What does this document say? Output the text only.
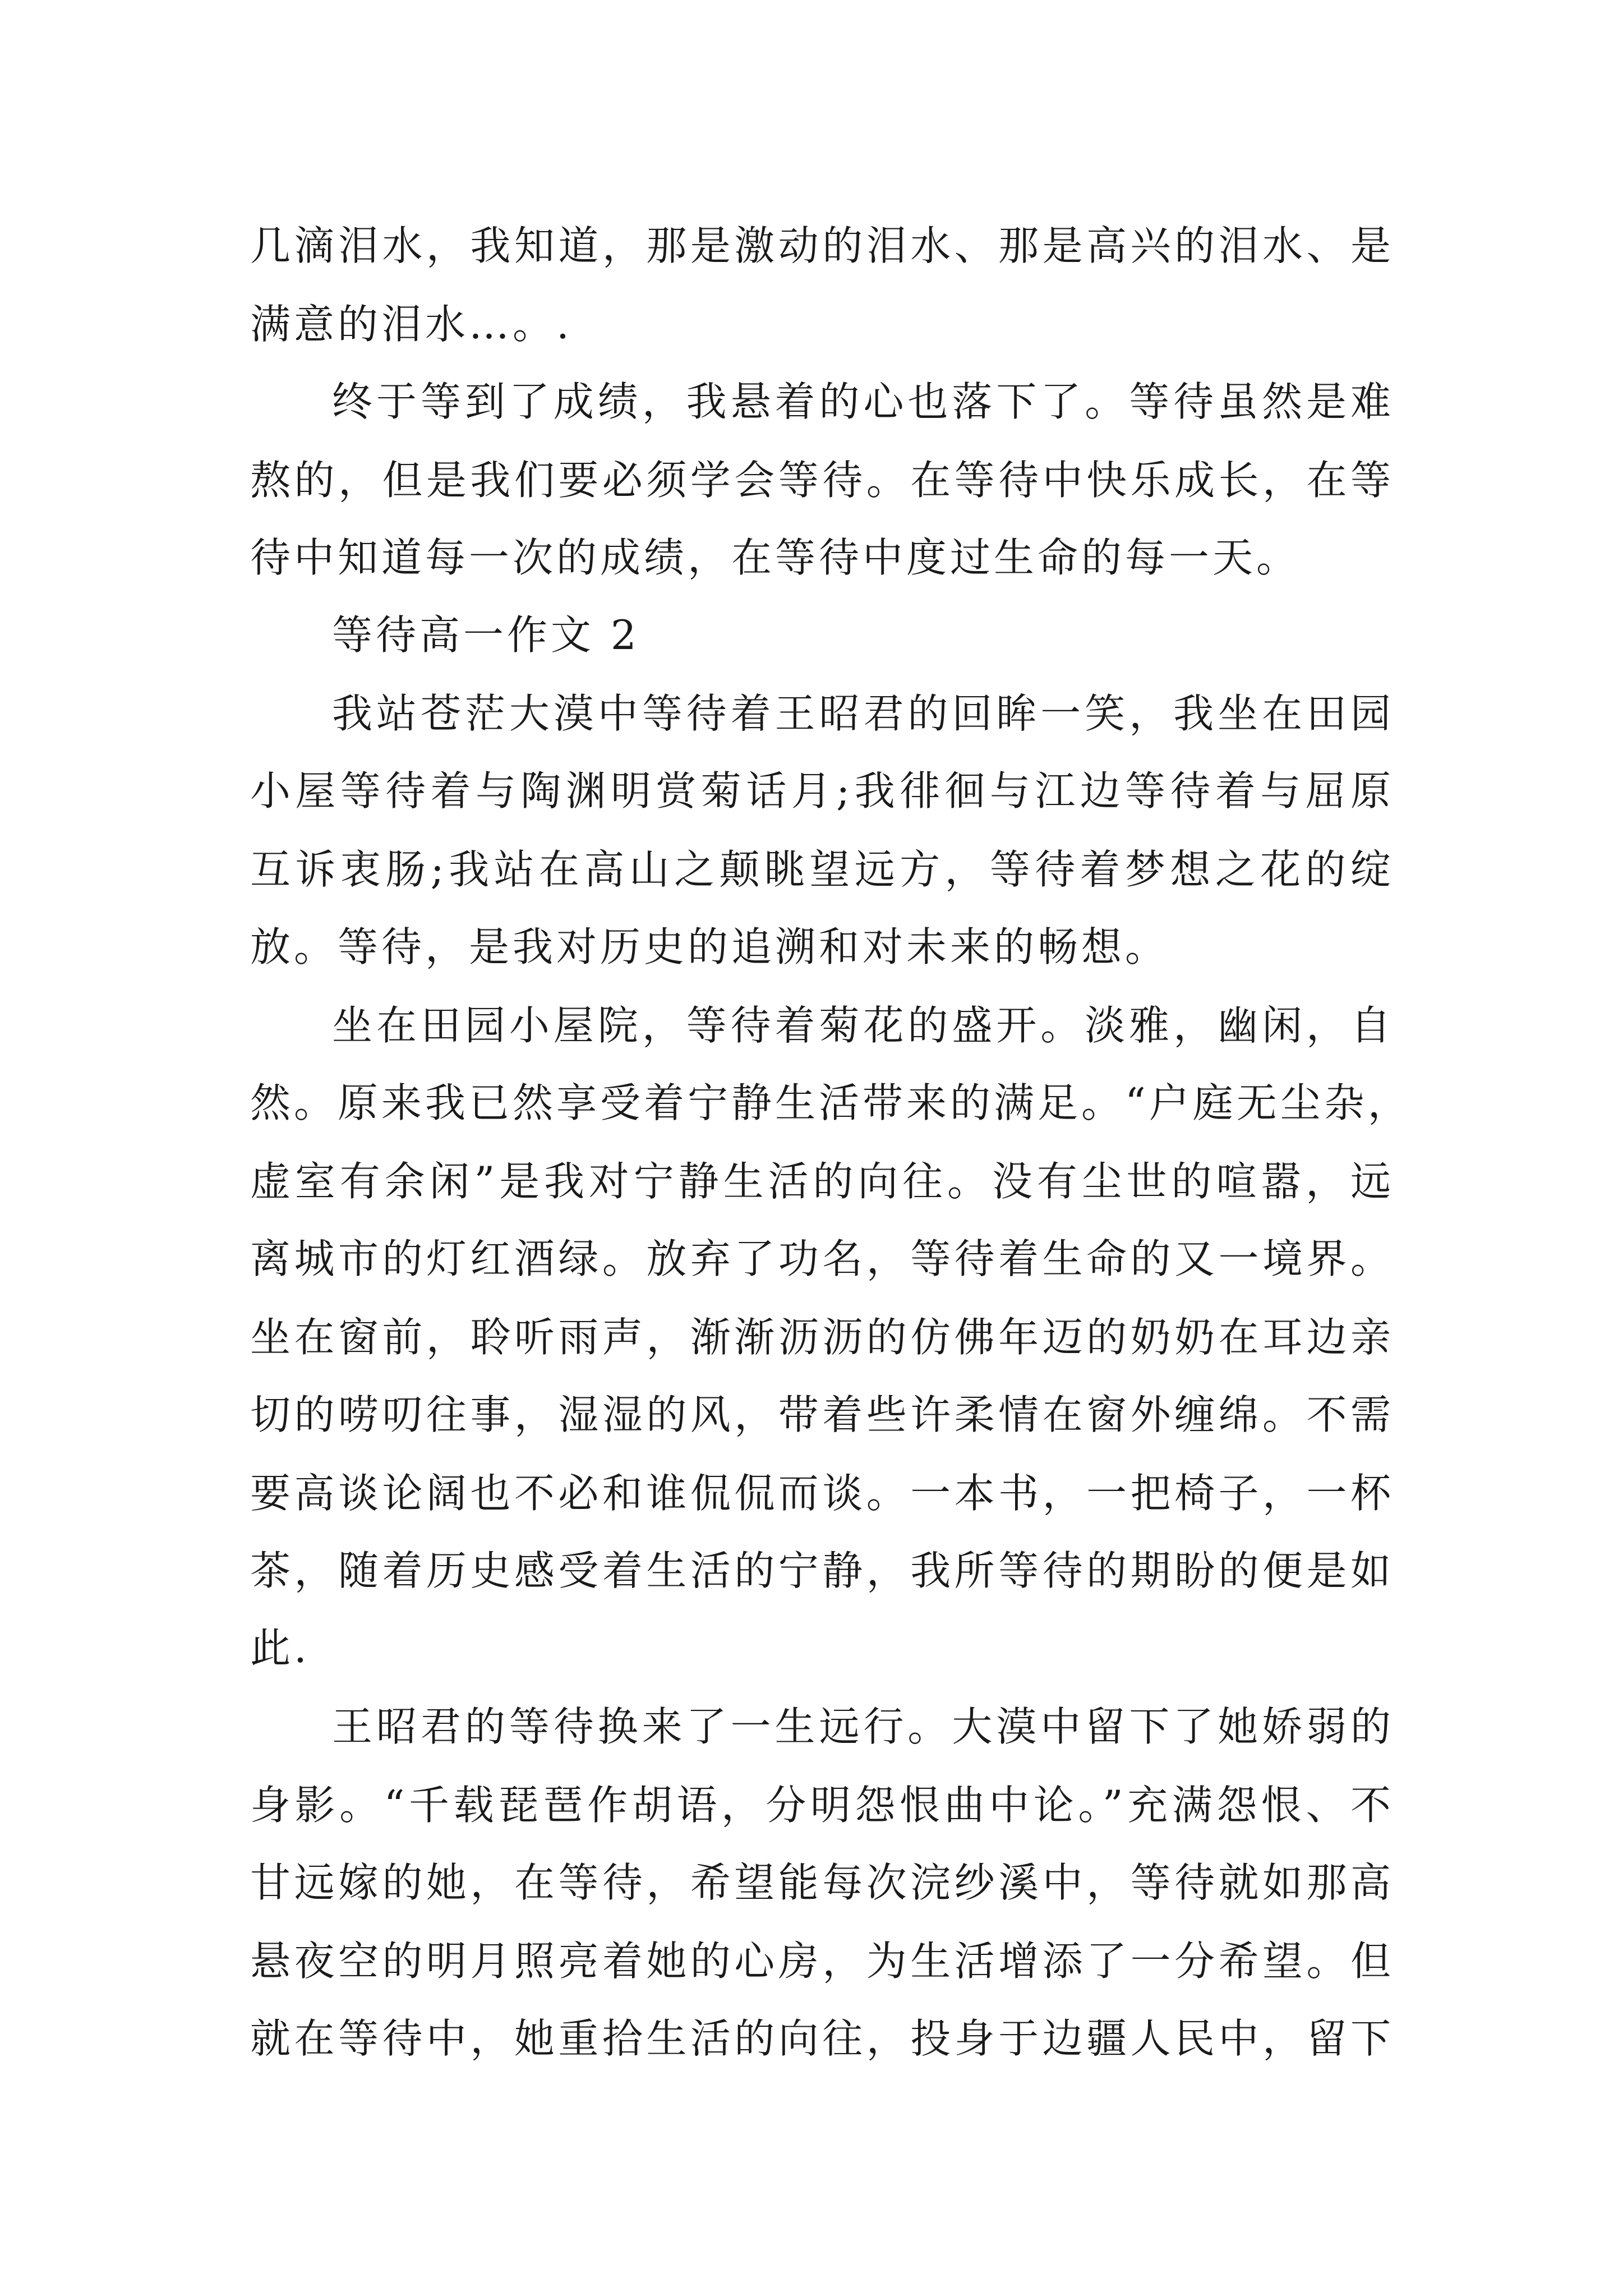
几滴泪水，我知道，那是激动的泪水、那是高兴的泪水、是
满意的泪水…。.
终于等到了成绩，我悬着的心也落下了。等待虽然是难
熬的，但是我们要必须学会等待。在等待中快乐成长，在等
待中知道每一次的成绩，在等待中度过生命的每一天。
等待高一作文 2
我站苍茫大漠中等待着王昭君的回眸一笑，我坐在田园
小屋等待着与陶渊明赏菊话月;我徘徊与江边等待着与屈原
互诉衷肠;我站在高山之颠眺望远方，等待着梦想之花的绽
放。等待，是我对历史的追溯和对未来的畅想。
坐在田园小屋院，等待着菊花的盛开。淡雅，幽闲，自
然。原来我已然享受着宁静生活带来的满足。“户庭无尘杂，
虚室有余闲”是我对宁静生活的向往。没有尘世的喧嚣，远
离城市的灯红酒绿。放弃了功名，等待着生命的又一境界。
坐在窗前，聆听雨声，渐渐沥沥的仿佛年迈的奶奶在耳边亲
切的唠叨往事，湿湿的风，带着些许柔情在窗外缠绵。不需
要高谈论阔也不必和谁侃侃而谈。一本书，一把椅子，一杯
茶，随着历史感受着生活的宁静，我所等待的期盼的便是如
此.
王昭君的等待换来了一生远行。大漠中留下了她娇弱的
身影。“千载琵琶作胡语，分明怨恨曲中论。”充满怨恨、不
甘远嫁的她，在等待，希望能每次浣纱溪中，等待就如那高
悬夜空的明月照亮着她的心房，为生活增添了一分希望。但
就在等待中，她重拾生活的向往，投身于边疆人民中，留下
